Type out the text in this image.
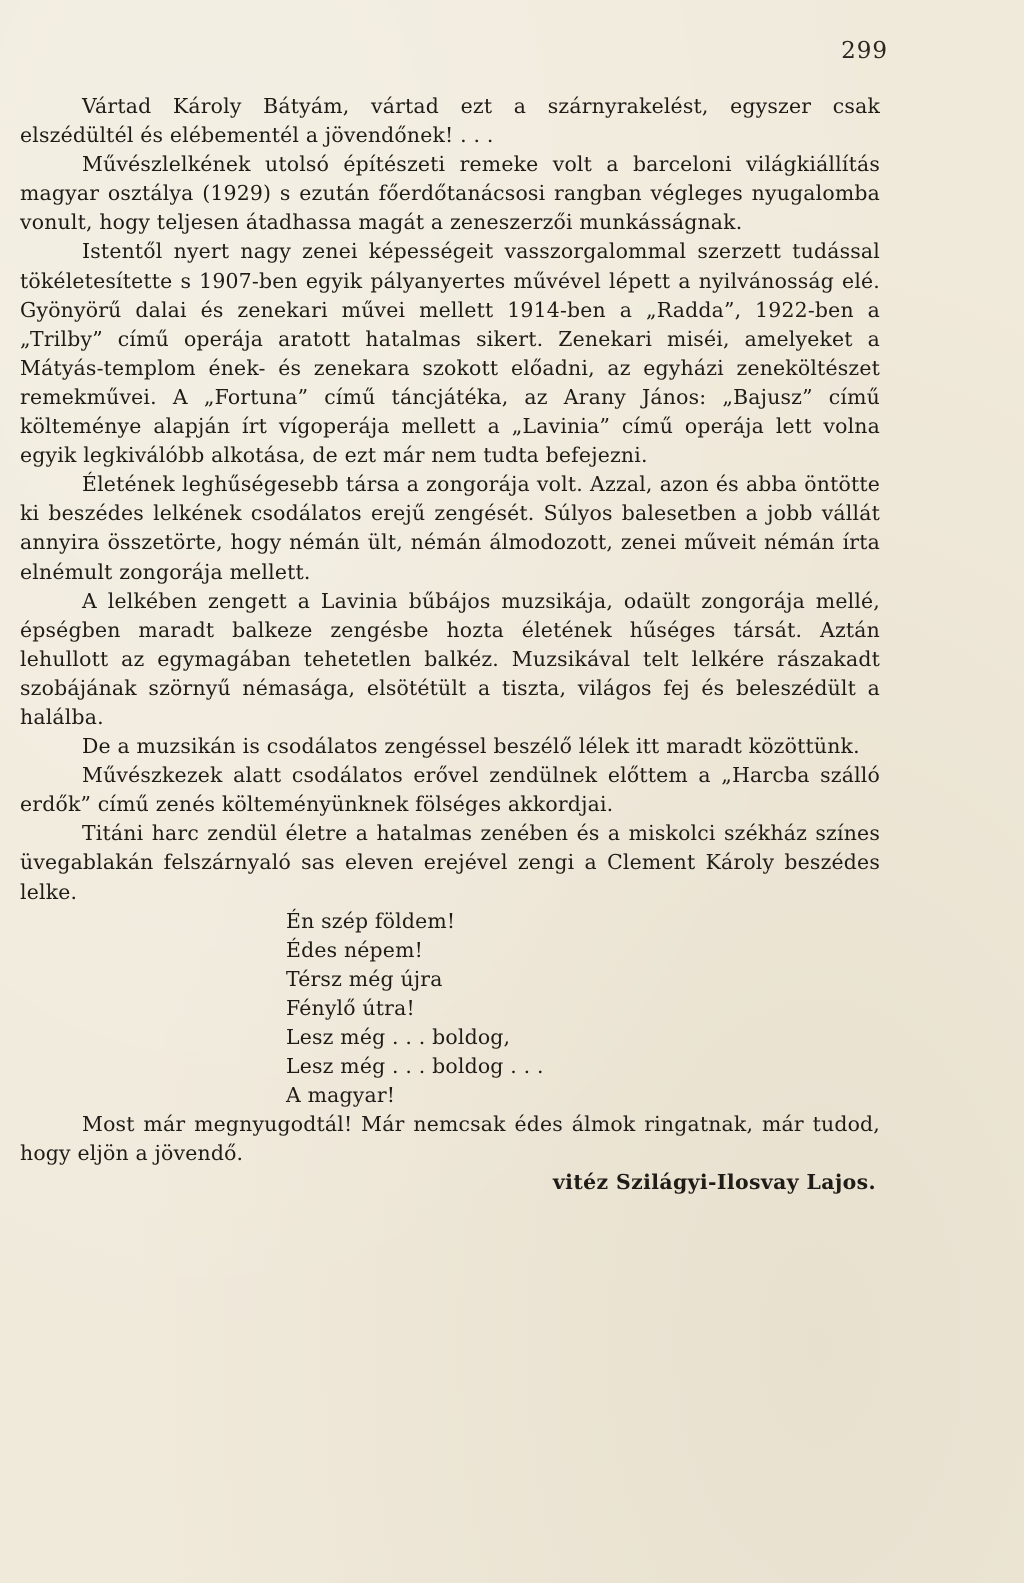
299

Vártad Károly Bátyám, vártad ezt a szárnyrakelést, egyszer csak elszédültél és elébementél a jövendőnek! . . .

Művészlelkének utolsó építészeti remeke volt a barceloni világkiállítás magyar osztálya (1929) s ezután főerdőtanácsosi rangban végleges nyugalomba vonult, hogy teljesen átadhassa magát a zeneszerzői munkásságnak.

Istentől nyert nagy zenei képességeit vasszorgalommal szerzett tudással tökéletesítette s 1907-ben egyik pályanyertes művével lépett a nyilvánosság elé. Gyönyörű dalai és zenekari művei mellett 1914-ben a „Radda”, 1922-ben a „Trilby” című operája aratott hatalmas sikert. Zenekari miséi, amelyeket a Mátyás-templom ének- és zenekara szokott előadni, az egyházi zeneköltészet remekművei. A „Fortuna” című táncjátéka, az Arany János: „Bajusz” című költeménye alapján írt vígoperája mellett a „Lavinia” című operája lett volna egyik legkiválóbb alkotása, de ezt már nem tudta befejezni.

Életének leghűségesebb társa a zongorája volt. Azzal, azon és abba öntötte ki beszédes lelkének csodálatos erejű zengését. Súlyos balesetben a jobb vállát annyira összetörte, hogy némán ült, némán álmodozott, zenei műveit némán írta elnémult zongorája mellett.

A lelkében zengett a Lavinia bűbájos muzsikája, odaült zongorája mellé, épségben maradt balkeze zengésbe hozta életének hűséges társát. Aztán lehullott az egymagában tehetetlen balkéz. Muzsikával telt lelkére rászakadt szobájának szörnyű némasága, elsötétült a tiszta, világos fej és beleszédült a halálba.

De a muzsikán is csodálatos zengéssel beszélő lélek itt maradt közöttünk.

Művészkezek alatt csodálatos erővel zendülnek előttem a „Harcba szálló erdők” című zenés költeményünknek fölséges akkordjai.

Titáni harc zendül életre a hatalmas zenében és a miskolci székház színes üvegablakán felszárnyaló sas eleven erejével zengi a Clement Károly beszédes lelke.

Én szép földem!
Édes népem!
Térsz még újra
Fénylő útra!
Lesz még . . . boldog,
Lesz még . . . boldog . . .
A magyar!

Most már megnyugodtál! Már nemcsak édes álmok ringatnak, már tudod, hogy eljön a jövendő.

vitéz Szilágyi-Ilosvay Lajos.
